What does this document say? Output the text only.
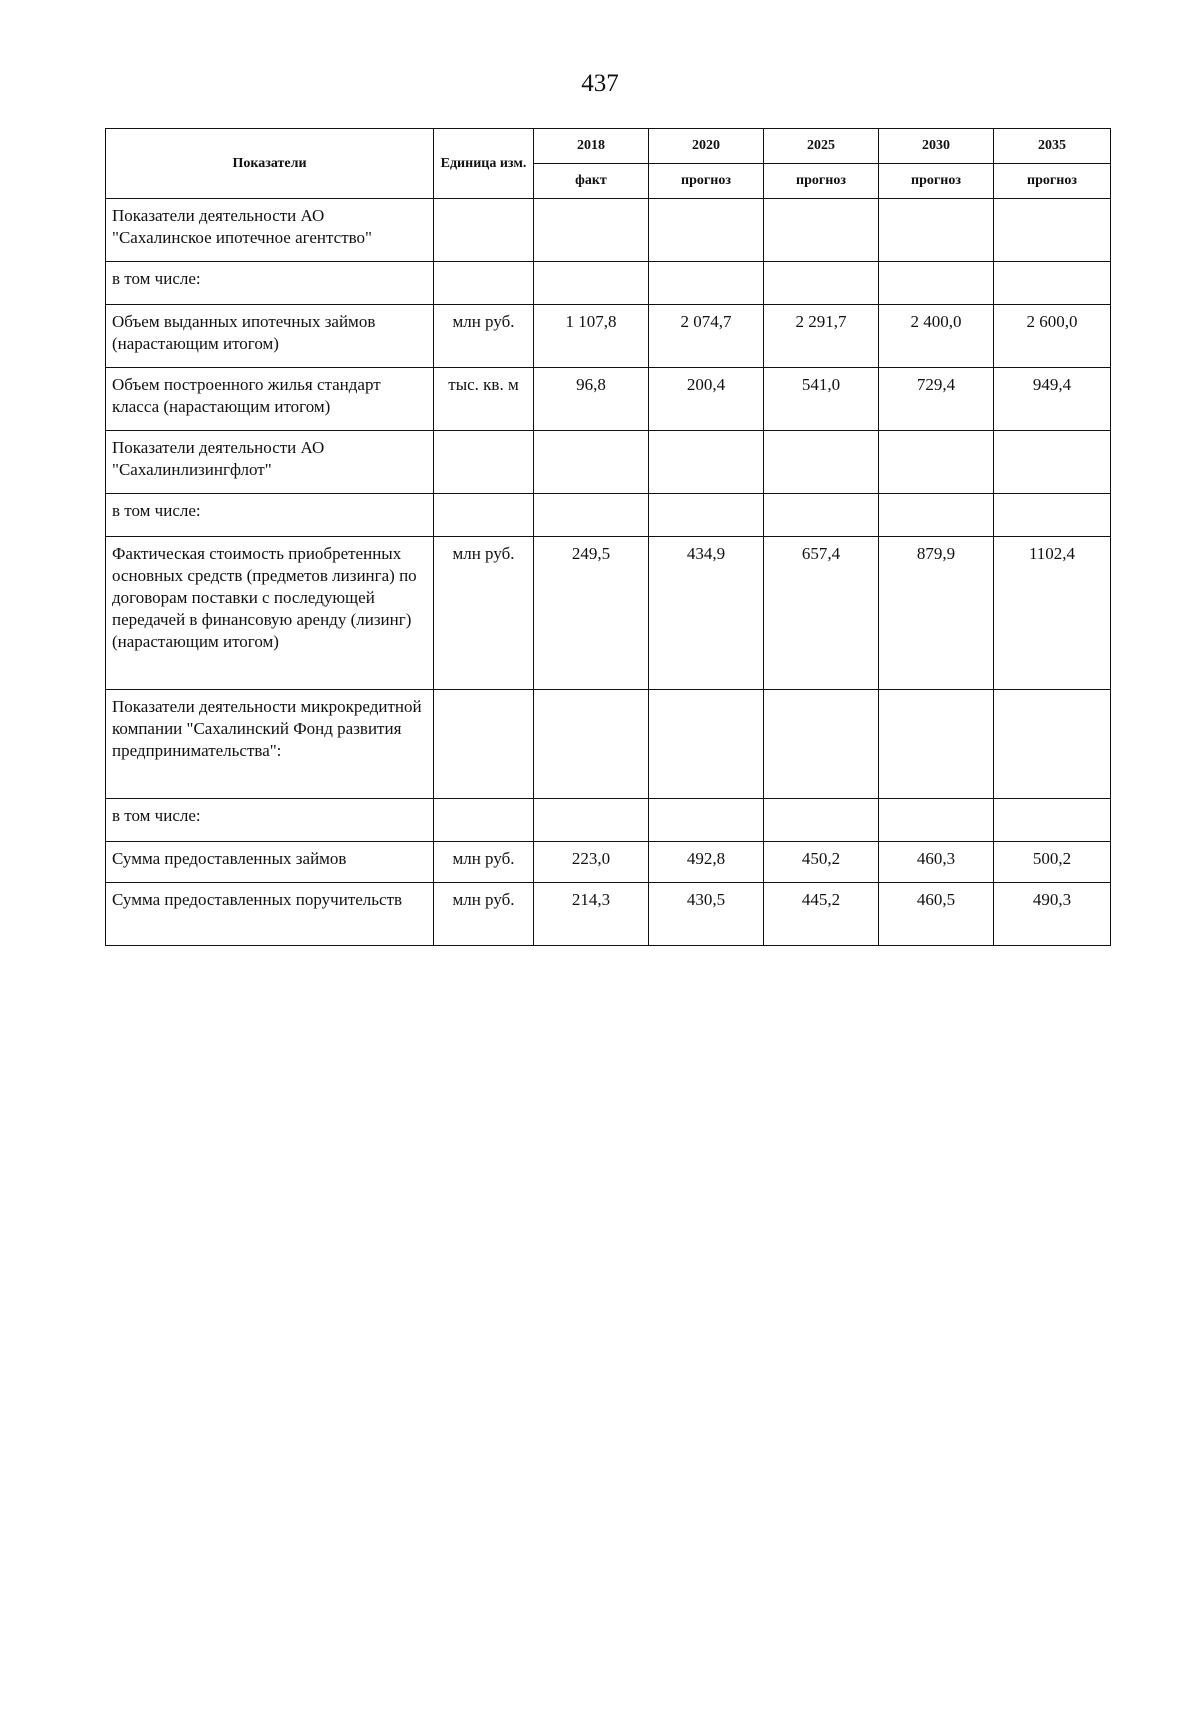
437
Показатели	Единица изм.	2018	2020	2025	2030	2035
		факт	прогноз	прогноз	прогноз	прогноз
Показатели деятельности АО "Сахалинское ипотечное агентство"						
в том числе:						
Объем выданных ипотечных займов (нарастающим итогом)	млн руб.	1 107,8	2 074,7	2 291,7	2 400,0	2 600,0
Объем построенного жилья стандарт класса (нарастающим итогом)	тыс. кв. м	96,8	200,4	541,0	729,4	949,4
Показатели деятельности АО "Сахалинлизингфлот"						
в том числе:						
Фактическая стоимость приобретенных основных средств (предметов лизинга) по договорам поставки с последующей передачей в финансовую аренду (лизинг) (нарастающим итогом)	млн руб.	249,5	434,9	657,4	879,9	1102,4
Показатели деятельности микрокредитной компании "Сахалинский Фонд развития предпринимательства":						
в том числе:						
Сумма предоставленных займов	млн руб.	223,0	492,8	450,2	460,3	500,2
Сумма предоставленных поручительств	млн руб.	214,3	430,5	445,2	460,5	490,3
